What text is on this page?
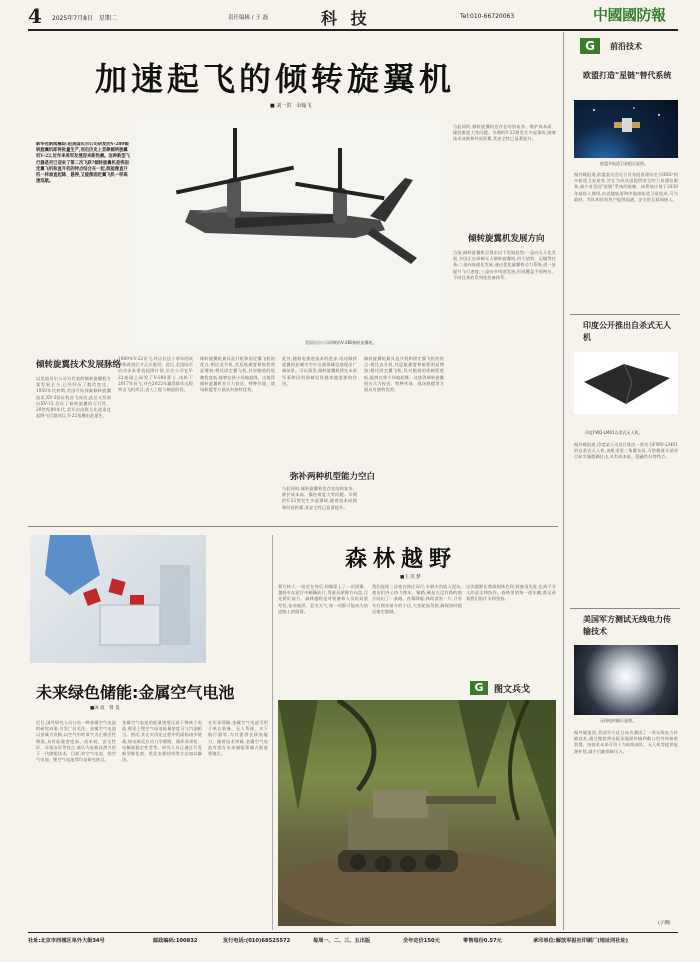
4 2025年7月8日　星期二	责任编辑 / 王 磊	科 技	Tel:010-66720063	中國國防報
加速起飞的倾转旋翼机
■ 刘一洪　余翰飞
新华社新闻稿说:由美国贝尔公司研发的V-280倾转旋翼机即将批量生产,而后历史上首款倾转旋翼机V-22,近年来美军发展迎来新热潮。这种新型飞行器是否已迎来了第二次飞跃?倾转旋翼机是将固定翼飞机和直升机的特点结合在一起,既能像直升机一样垂直起降、悬停,又能像固定翼飞机一样高速巡航。
美国贝尔公司研制的V-280倾转旋翼机。
与此同时,倾转旋翼机也存在结构复杂、维护成本高、操控难度大等问题。早期的V-22曾发生多起事故,随着技术成熟和经验积累,其安全性已显著提升。
倾转旋翼机发展方向
当前,倾转旋翼机呈现出以下发展趋势:一是向无人化发展,多国正在研制无人倾转旋翼机,用于侦察、运输等任务;二是向高速化发展,通过优化旋翼和动力系统,进一步提升飞行速度;三是向多用途发展,形成覆盖不同吨位、不同任务的系列化装备体系。
倾转旋翼技术发展脉络
以美国贝尔公司为代表的倾转旋翼机方案发展至今,已经经历了数代变迁。1950年代初期,美国开始探索倾转旋翼技术,XV-3验证机首飞成功,此后又发展出XV-15,验证了倾转旋翼的可行性。20世纪80年代,美军启动联合先进垂直起降飞行器项目,V-22鱼鹰由此诞生。
1989年V-22首飞,经历长达十余年的试验和改进后才正式服役。此后,美国陆军启动未来垂直起降计划,贝尔公司在V-22基础上研发了V-280勇士,该机于2017年首飞,并在2022年赢得陆军远程突击飞机项目,进入工程与制造阶段。
倾转旋翼机兼具直升机和固定翼飞机的优点:相比直升机,其巡航速度和航程明显增加;相比固定翼飞机,其对跑道的依赖程度低,能够在狭小场地起降。这使得倾转旋翼机在兵力投送、特种作战、战场救援等方面具有独特优势。
此外,随着电推进技术的进步,电动倾转旋翼机在城市空中交通领域也展现出广阔前景。可以预见,倾转旋翼机将在未来军事和民用领域发挥越来越重要的作用。
弥补两种机型能力空白
与此同时,倾转旋翼机也存在结构复杂、维护成本高、操控难度大等问题。早期的V-22曾发生多起事故,随着技术成熟和经验积累,其安全性已显著提升。
倾转旋翼机兼具直升机和固定翼飞机的优点:相比直升机,其巡航速度和航程明显增加;相比固定翼飞机,其对跑道的依赖程度低,能够在狭小场地起降。这使得倾转旋翼机在兵力投送、特种作战、战场救援等方面具有独特优势。
未来绿色储能:金属空气电池
■沐 宸　曾 昊
近日,国外研究人员公布一种金属空气电池的研究成果,引发广泛关注。金属空气电池以金属为负极,以空气中的氧气为正极活性物质,具有能量密度高、成本低、安全性好、环境友好等优点,被认为是极具潜力的下一代储能技术。目前,锌空气电池、铝空气电池、锂空气电池等均是研究热点。
金属空气电池的能量密度远高于锂离子电池,理论上锂空气电池能量密度可与汽油相当。然而,其在实用化过程中仍面临诸多挑战,如电极反应动力学缓慢、循环寿命短、电解液稳定性差等。研究人员正通过开发新型催化剂、优化电极结构等方法加以解决。
在军事领域,金属空气电池可用于单兵装备、无人系统、水下航行器等,为其提供长续航能力。随着技术突破,金属空气电池有望在未来储能领域占据重要地位。
森林越野
■王 笑 梦
那片林子,一站近在身后,却像蒙上了一层迷雾。越野车在泥泞中颠簸前行,驾驶员紧握方向盘,目光紧盯前方。森林越野是对装备和人员的双重考验,复杂地形、恶劣天气,每一项都可能成为前进路上的阻碍。
我们连续三昼夜在林区穿行,车辆多次陷入泥坑,战友们齐心协力推车、铺路,硬是在没有路的地方闯出了一条路。夜幕降临,林间漆黑一片,只有车灯照亮前方的小径,大家轮流驾驶,确保按时抵达指定地域。
这次越野让我深刻体会到,装备再先进,也离不开人的意志和协作。森林里的每一道车辙,都记录着我们的汗水和坚持。
G	图文兵戈
G	前沿技术
欧盟打造"星链"替代系统
欧盟多轨道卫星组示意图。
据外媒报道,欧盟委员会近日宣布批准建设名为IRIS²的多轨道卫星星座,旨在为成员国提供安全的卫星通信服务,减少对美国"星链"系统的依赖。该系统计划于2030年前投入使用,由近地轨道和中地球轨道卫星组成,可为政府、军队和民间用户提供高速、安全的互联网接入。
印度公开推出自杀式无人机
印度FWD-LM01自杀式无人机。
据外媒报道,印度某公司近日推出一款名为FWD-LM01的自杀式无人机,该机采用三角翼布局,可搭载战斗部对目标实施精确打击,具有成本低、隐蔽性好等特点。
美国军方测试无线电力传输技术
无线电传输示意图。
据外媒报道,美国军方近日成功测试了一项无线电力传输技术,通过微波将电能从地面传输到数公里外的接收装置。该技术未来可用于为前线部队、无人机等提供能源补给,减少后勤保障压力。
(子渊)
社址:北京市西城区阜外大街34号	邮政编码:100832	发行电话:(010)68525572	每周一、二、三、五出版	全年定价150元	零售每份0.57元	承印单位:解放军报社印刷厂(地址同社址)
